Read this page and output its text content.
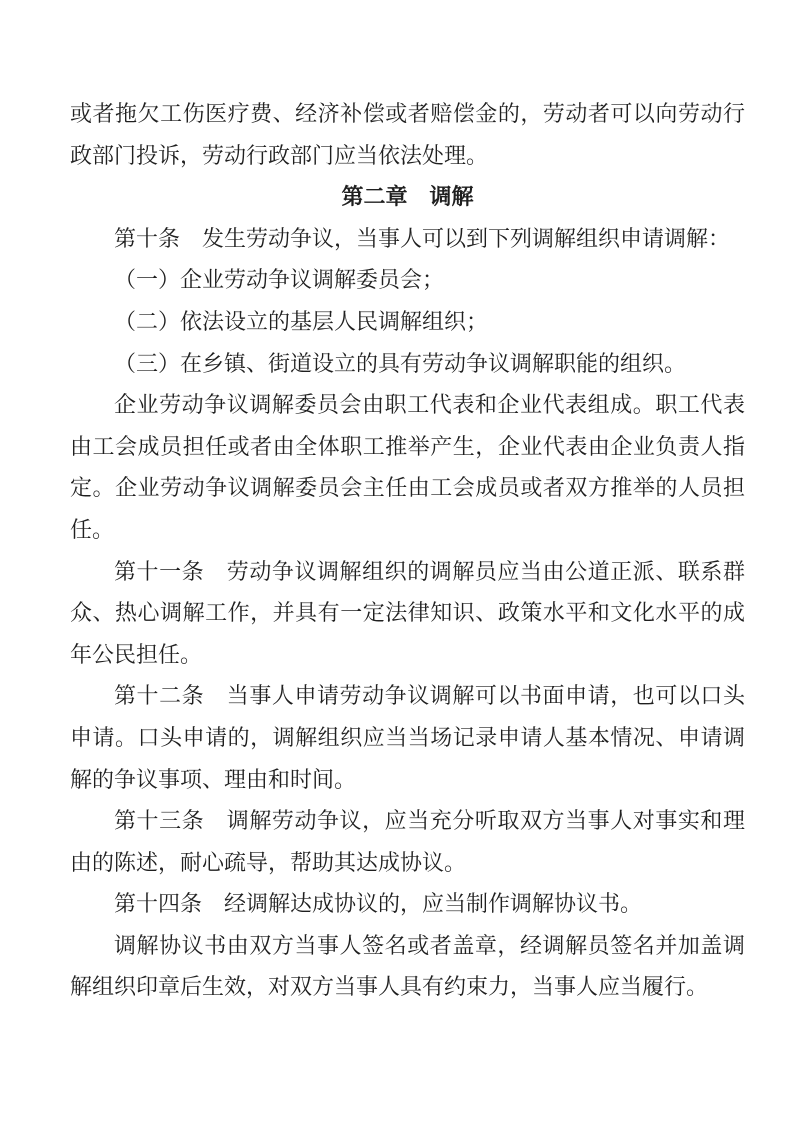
或者拖欠工伤医疗费、经济补偿或者赔偿金的，劳动者可以向劳动行政部门投诉，劳动行政部门应当依法处理。

第二章　调解

第十条　发生劳动争议，当事人可以到下列调解组织申请调解：

（一）企业劳动争议调解委员会；

（二）依法设立的基层人民调解组织；

（三）在乡镇、街道设立的具有劳动争议调解职能的组织。

企业劳动争议调解委员会由职工代表和企业代表组成。职工代表由工会成员担任或者由全体职工推举产生，企业代表由企业负责人指定。企业劳动争议调解委员会主任由工会成员或者双方推举的人员担任。

第十一条　劳动争议调解组织的调解员应当由公道正派、联系群众、热心调解工作，并具有一定法律知识、政策水平和文化水平的成年公民担任。

第十二条　当事人申请劳动争议调解可以书面申请，也可以口头申请。口头申请的，调解组织应当当场记录申请人基本情况、申请调解的争议事项、理由和时间。

第十三条　调解劳动争议，应当充分听取双方当事人对事实和理由的陈述，耐心疏导，帮助其达成协议。

第十四条　经调解达成协议的，应当制作调解协议书。

调解协议书由双方当事人签名或者盖章，经调解员签名并加盖调解组织印章后生效，对双方当事人具有约束力，当事人应当履行。
